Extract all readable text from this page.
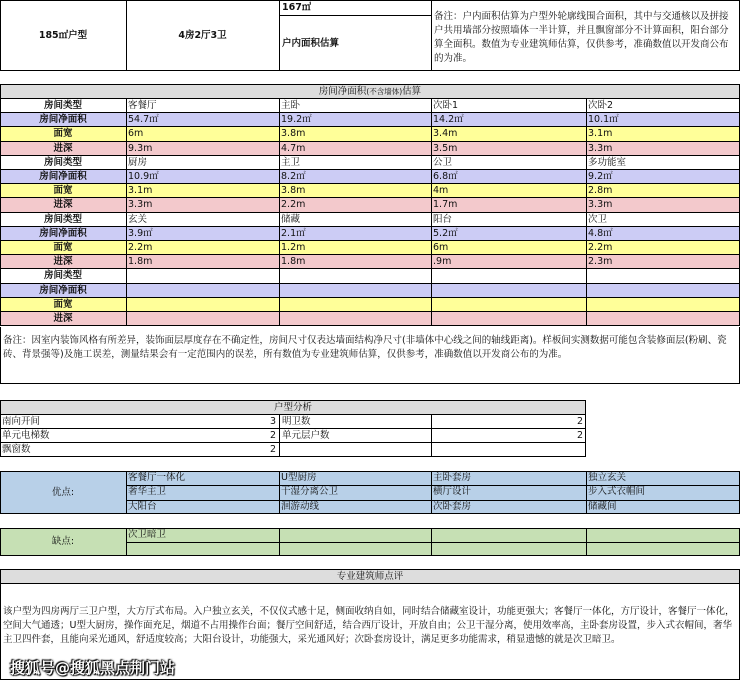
185㎡户型	4房2厅3卫
167㎡
户内面积估算
备注：户内面积估算为户型外轮廓线围合面积，其中与交通核以及拼接户共用墙部分按照墙体一半计算，并且飘窗部分不计算面积，阳台部分算全面积。数值为专业建筑师估算，仅供参考，准确数值以开发商公布的为准。
房间净面积(不含墙体)估算
房间类型	客餐厅	主卧	次卧1	次卧2
房间净面积	54.7㎡	19.2㎡	14.2㎡	10.1㎡
面宽	6m	3.8m	3.4m	3.1m
进深	9.3m	4.7m	3.5m	3.3m
房间类型	厨房	主卫	公卫	多功能室
房间净面积	10.9㎡	8.2㎡	6.8㎡	9.2㎡
面宽	3.1m	3.8m	4m	2.8m
进深	3.3m	2.2m	1.7m	3.3m
房间类型	玄关	储藏	阳台	次卫
房间净面积	3.9㎡	2.1㎡	5.2㎡	4.8㎡
面宽	2.2m	1.2m	6m	2.2m
进深	1.8m	1.8m	.9m	2.3m
房间类型
房间净面积
面宽
进深
备注：因室内装饰风格有所差异，装饰面层厚度存在不确定性，房间尺寸仅表达墙面结构净尺寸(非墙体中心线之间的轴线距离)。样板间实测数据可能包含装修面层(粉刷、瓷砖、背景强等)及施工误差，测量结果会有一定范围内的误差，所有数值为专业建筑师估算，仅供参考，准确数值以开发商公布的为准。
户型分析
南向开间	3 明卫数	2
单元电梯数	2 单元层户数	2
飘窗数	2
优点:
客餐厅一体化	U型厨房	主卧套房	独立玄关
奢华主卫	干湿分离公卫	横厅设计	步入式衣帽间
大阳台	洄游动线	次卧套房	储藏间
缺点:
次卫暗卫
专业建筑师点评
该户型为四房两厅三卫户型，大方厅式布局。入户独立玄关，不仅仪式感十足，侧面收纳自如，同时结合储藏室设计，功能更强大；客餐厅一体化，方厅设计，客餐厅一体化，空间大气通透；U型大厨房，操作面充足，烟道不占用操作台面；餐厅空间舒适，结合西厅设计，开放自由；公卫干湿分离，使用效率高，主卧套房设置，步入式衣帽间，奢华主卫四件套，且能向采光通风，舒适度较高；大阳台设计，功能强大，采光通风好；次卧套房设计，满足更多功能需求，稍显遗憾的就是次卫暗卫。
搜狐号@搜狐黑点荆门站
